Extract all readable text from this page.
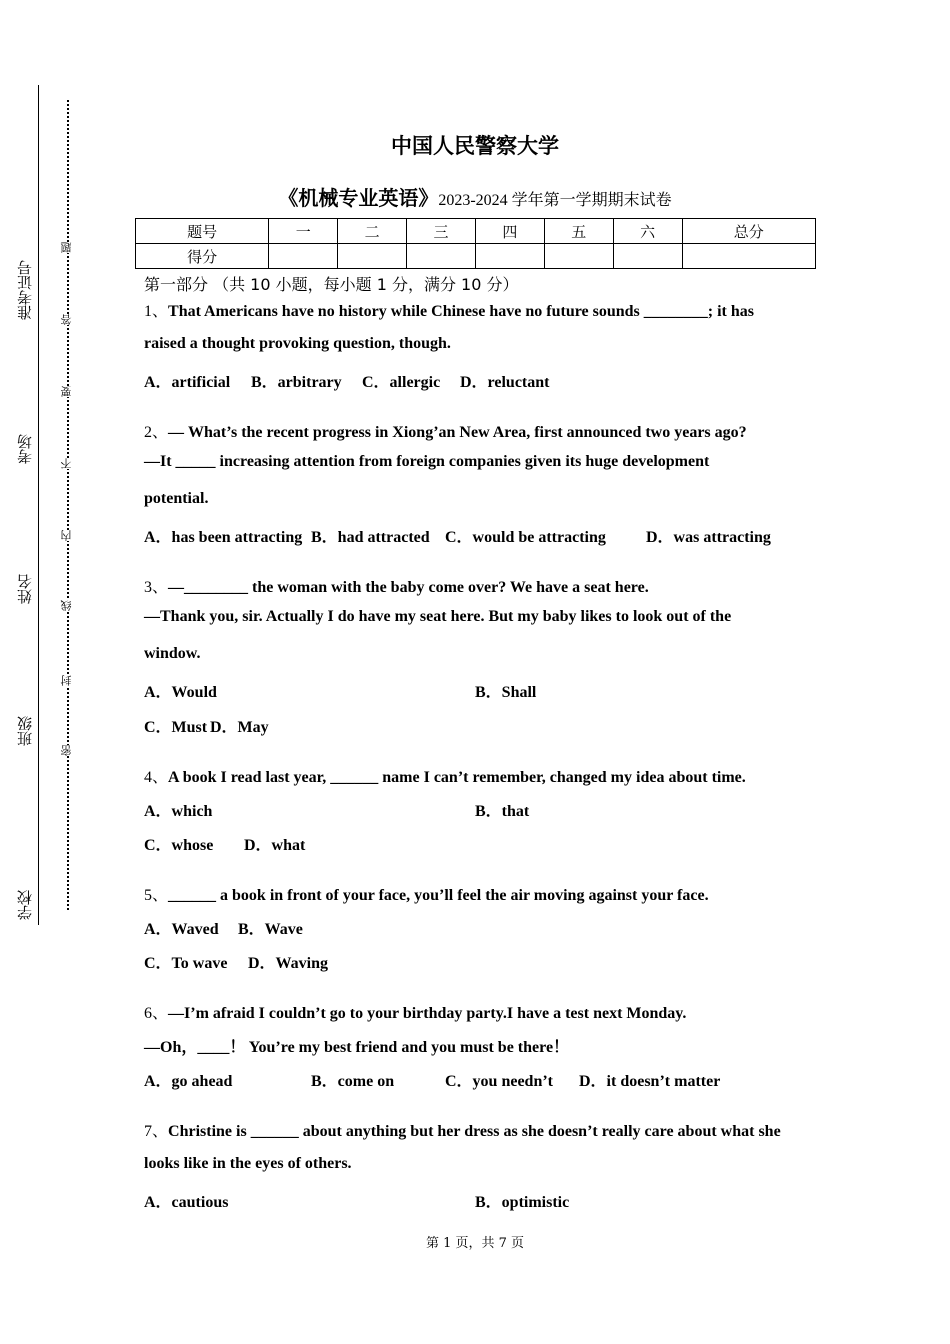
学校
班级
姓名
考场
准考证号
密
封
线
内
不
要
答
题
中国人民警察大学
《机械专业英语》2023-2024 学年第一学期期末试卷
题号	一	二	三	四	五	六	总分
得分							
第一部分 （共 10 小题，每小题 1 分，满分 10 分）
1、That Americans have no history while Chinese have no future sounds ________; it has
raised a thought provoking question, though.
A．artificial B．arbitrary C．allergic D．reluctant
2、— What’s the recent progress in Xiong’an New Area, first announced two years ago?
—It _____ increasing attention from foreign companies given its huge development
potential.
A．has been attracting B．had attracted C．would be attracting	D．was attracting
3、—________ the woman with the baby come over? We have a seat here.
—Thank you, sir. Actually I do have my seat here. But my baby likes to look out of the
window.
A．Would	B．Shall
C．Must D．May
4、A book I read last year, ______ name I can’t remember, changed my idea about time.
A．which	B．that
C．whose D．what
5、______ a book in front of your face, you’ll feel the air moving against your face.
A．Waved B．Wave
C．To wave D．Waving
6、—I’m afraid I couldn’t go to your birthday party.I have a test next Monday.
—Oh，____！ You’re my best friend and you must be there！
A．go ahead	B．come on	C．you needn’t D．it doesn’t matter
7、Christine is ______ about anything but her dress as she doesn’t really care about what she
looks like in the eyes of others.
A．cautious	B．optimistic
第 1 页，共 7 页
